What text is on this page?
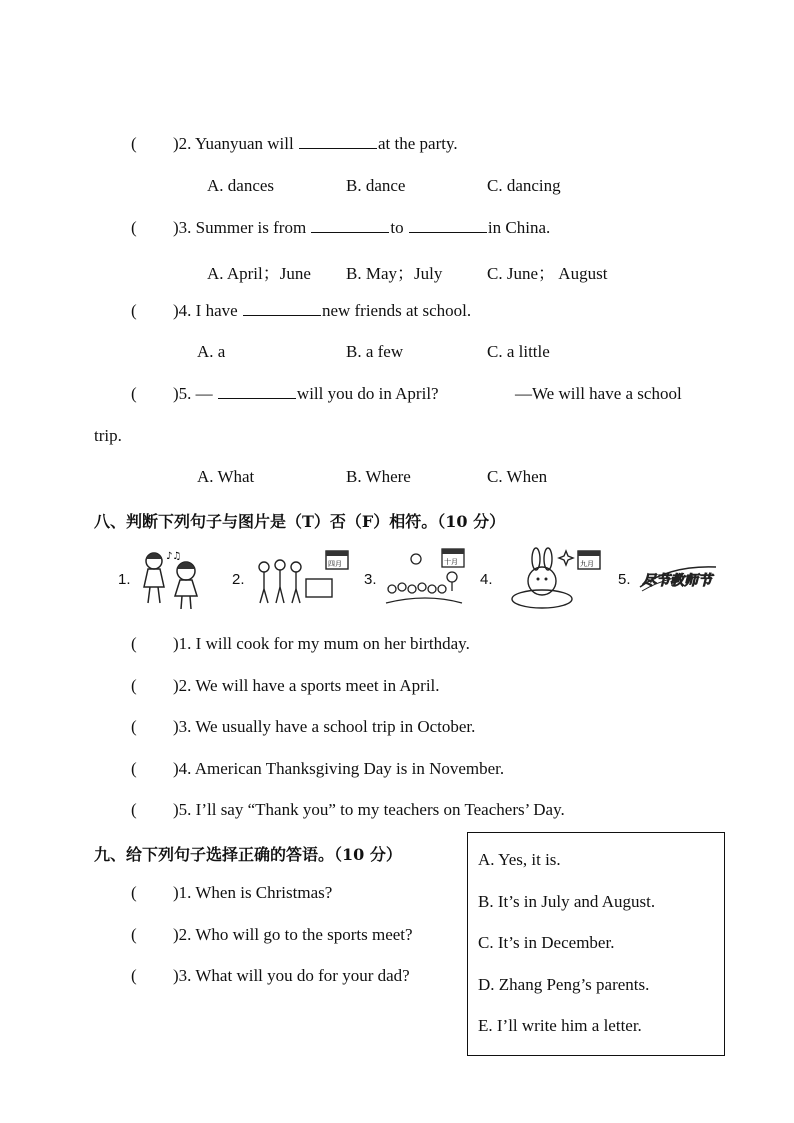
( )2. Yuanyuan will	at the party.
A. dances	B. dance	C. dancing
( )3. Summer is from	to	in China.
A. April；June B. May；July	C. June； August
( )4. I have	new friends at school.
A. a	B. a few	C. a little
( )5. —	will you do in April?	—We will have a school
trip.
A. What	B. Where	C. When
八、判断下列句子与图片是（T）否（F）相符。（10 分）
1.
♪♫
2.
四月
3.
十月
4.
九月
5. 尽节教师节
( )1. I will cook for my mum on her birthday.
( )2. We will have a sports meet in April.
( )3. We usually have a school trip in October.
( )4. American Thanksgiving Day is in November.
( )5. I’ll say “Thank you” to my teachers on Teachers’ Day.
九、给下列句子选择正确的答语。（10 分）
( )1. When is Christmas?
( )2. Who will go to the sports meet?
( )3. What will you do for your dad?
A. Yes, it is.
B. It’s in July and August.
C. It’s in December.
D. Zhang Peng’s parents.
E. I’ll write him a letter.
